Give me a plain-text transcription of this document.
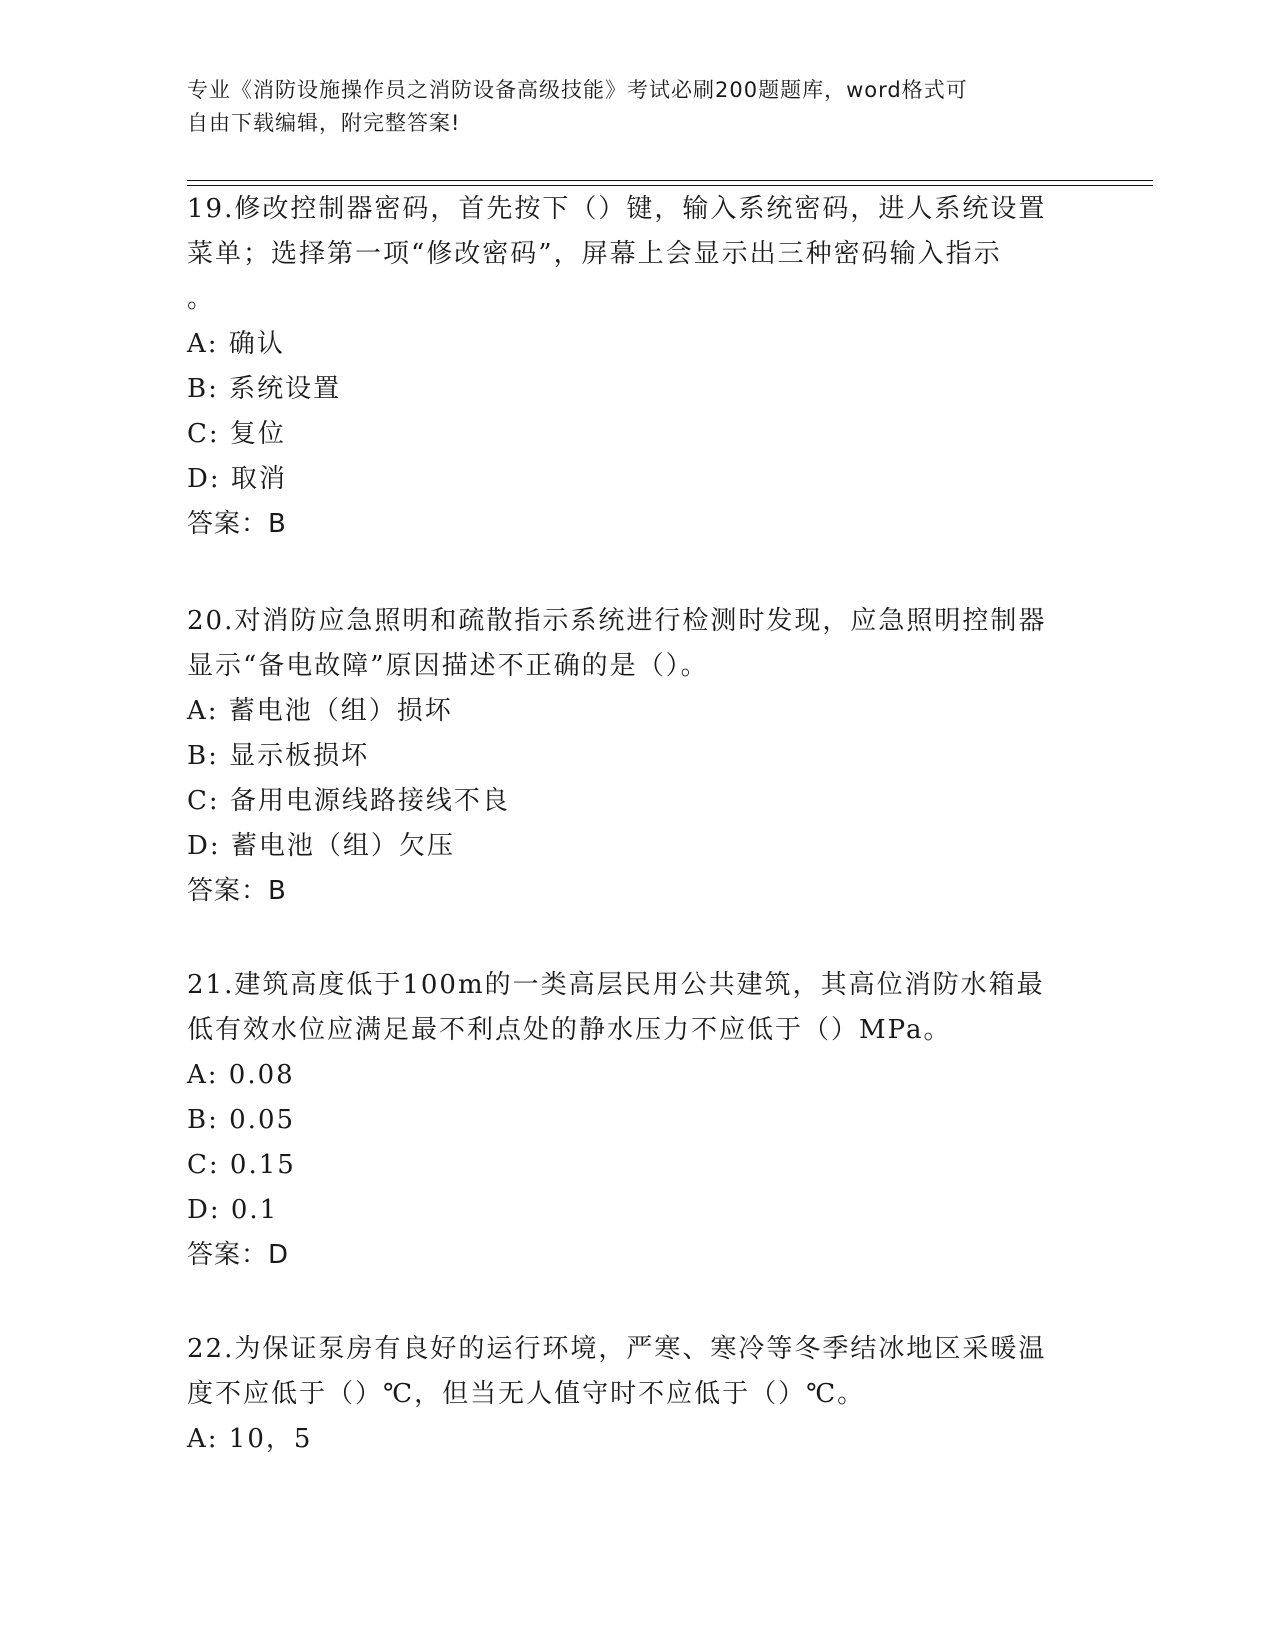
专业《消防设施操作员之消防设备高级技能》考试必刷200题题库，word格式可
自由下载编辑，附完整答案!
19.修改控制器密码，首先按下（）键，输入系统密码，进人系统设置
菜单；选择第一项“修改密码”，屏幕上会显示出三种密码输入指示
。
A: 确认
B: 系统设置
C: 复位
D: 取消
答案：B
20.对消防应急照明和疏散指示系统进行检测时发现，应急照明控制器
显示“备电故障”原因描述不正确的是（）。
A: 蓄电池（组）损坏
B: 显示板损坏
C: 备用电源线路接线不良
D: 蓄电池（组）欠压
答案：B
21.建筑高度低于100m的一类高层民用公共建筑，其高位消防水箱最
低有效水位应满足最不利点处的静水压力不应低于（）MPa。
A: 0.08
B: 0.05
C: 0.15
D: 0.1
答案：D
22.为保证泵房有良好的运行环境，严寒、寒冷等冬季结冰地区采暖温
度不应低于（）℃，但当无人值守时不应低于（）℃。
A: 10，5
